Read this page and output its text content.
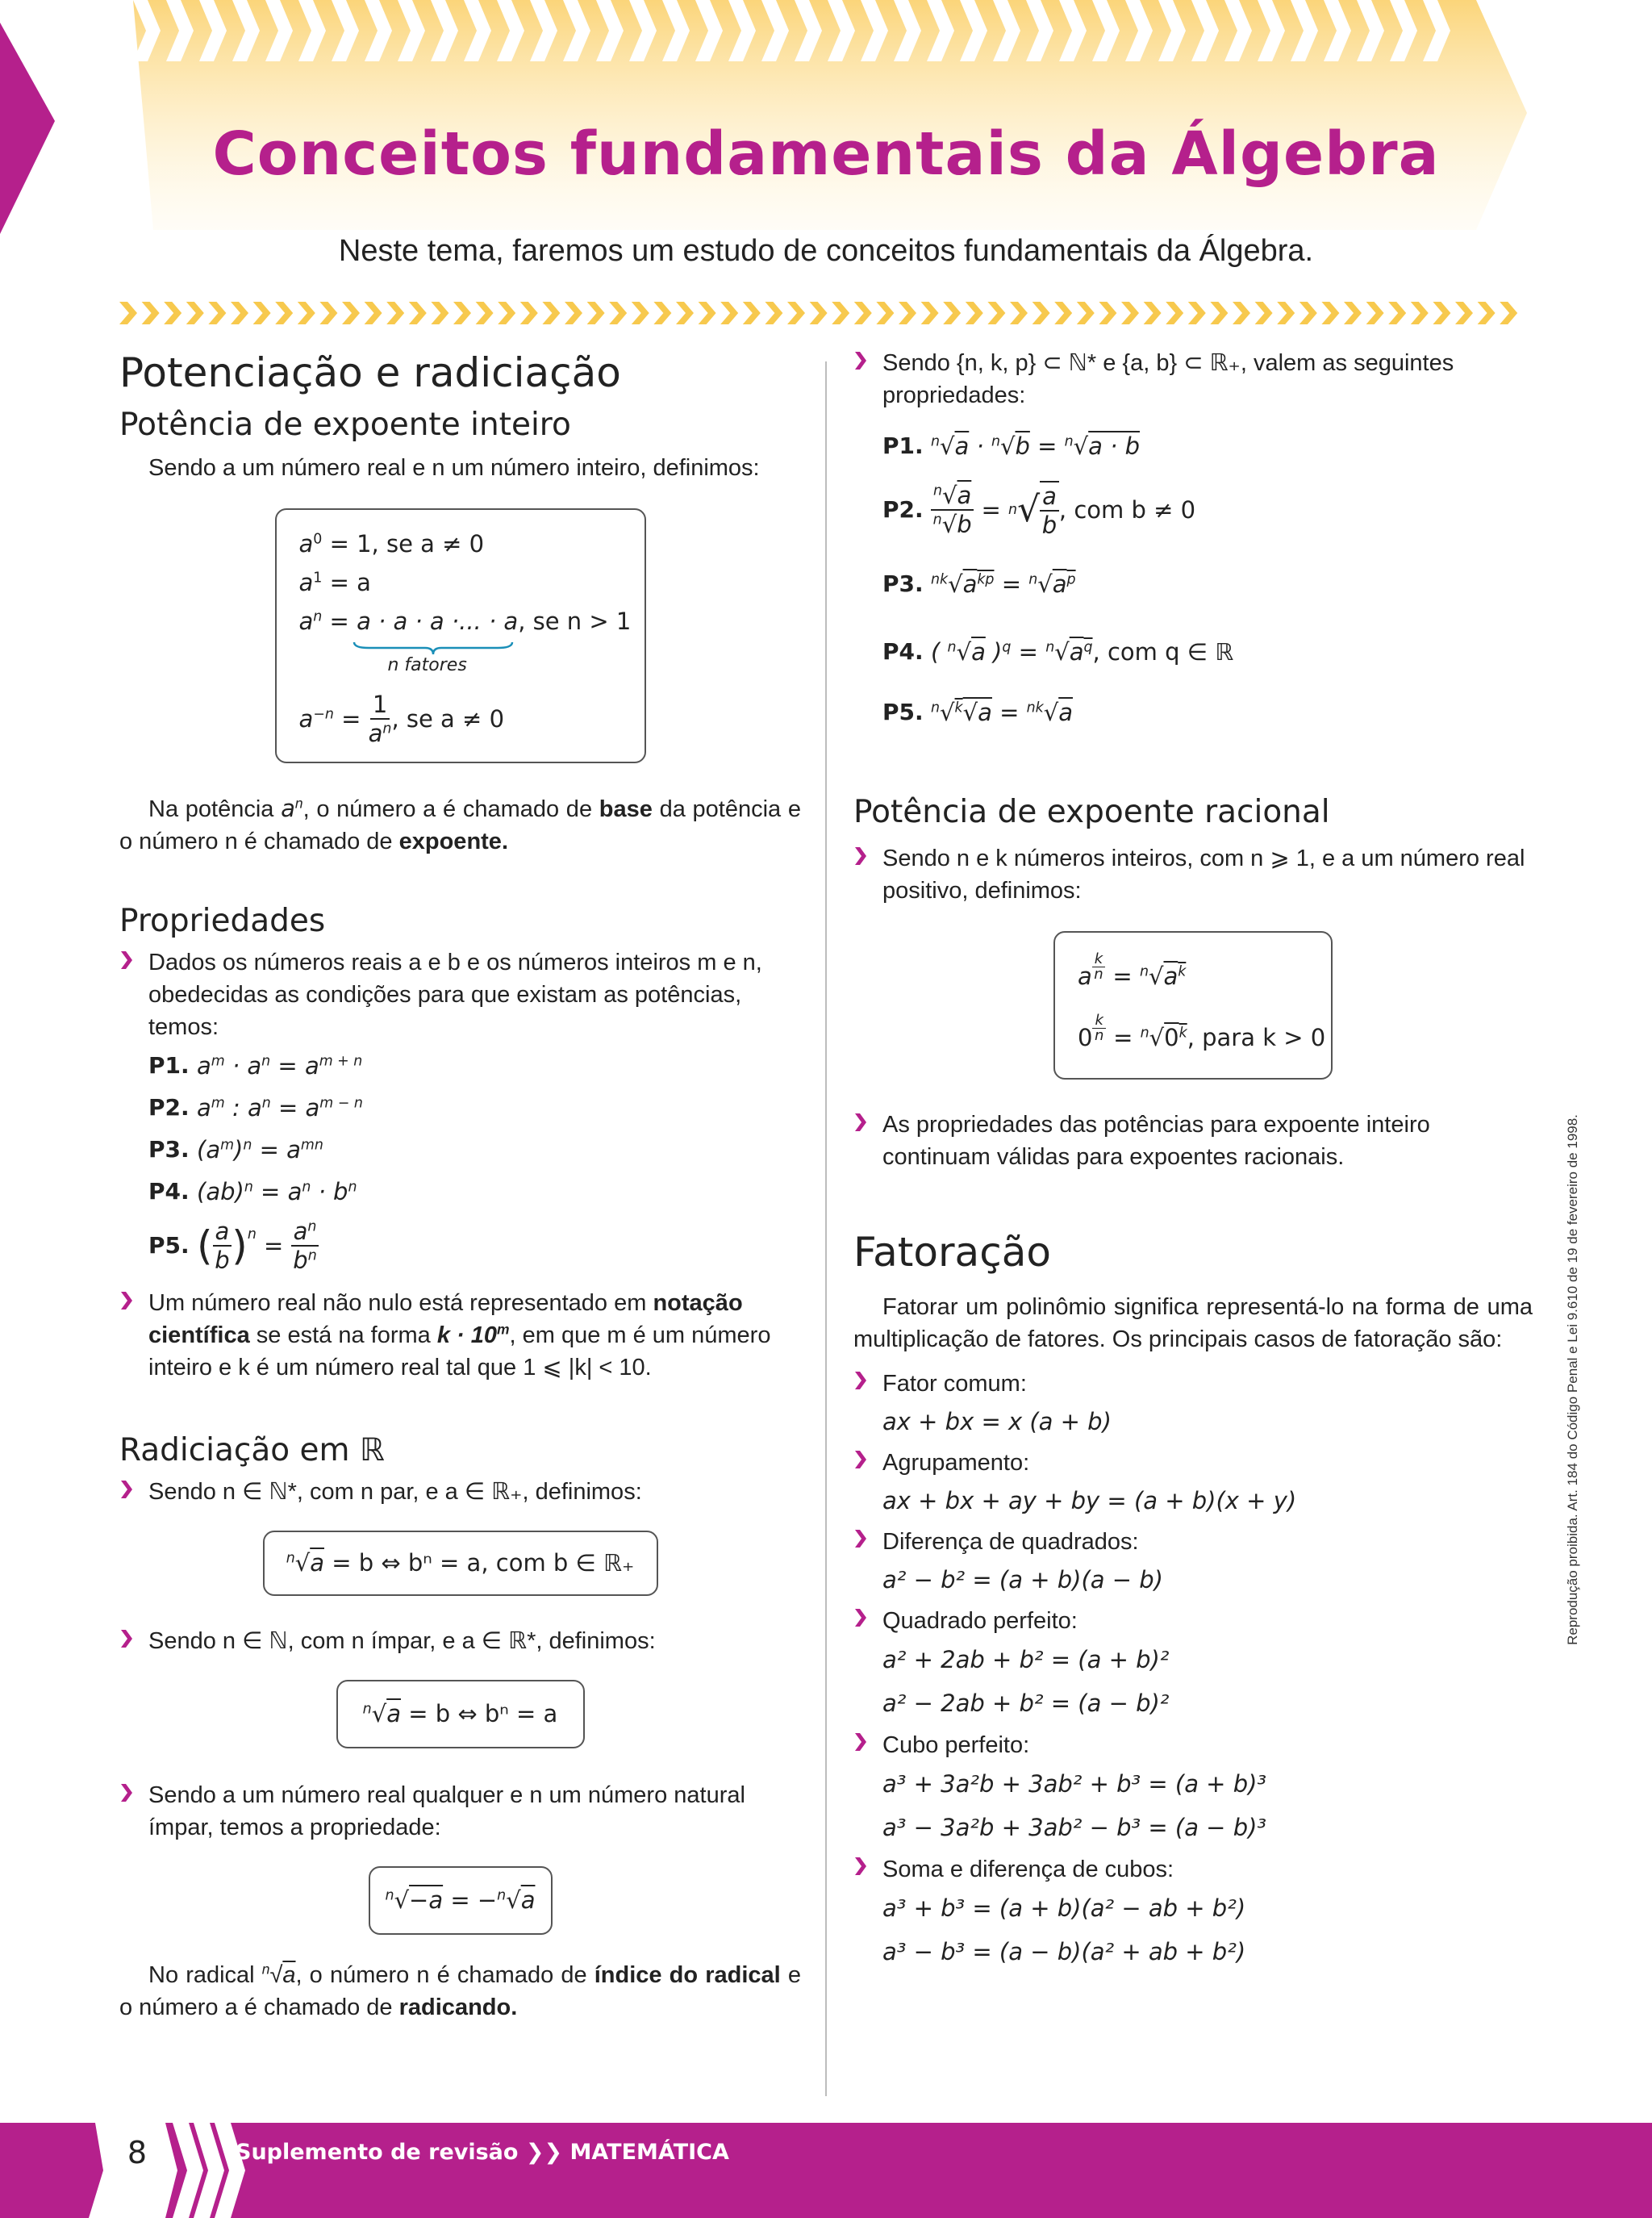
Conceitos fundamentais da Álgebra
Neste tema, faremos um estudo de conceitos fundamentais da Álgebra.
Potenciação e radiciação
Potência de expoente inteiro
Sendo a um número real e n um número inteiro, definimos:
$a^0 = 1$, se a ≠ 0
$a^1 = a$
$a^n = a \cdot a \cdot a$ ·... · a, se n > 1
n fatores
$a^{-n} = \frac{1}{a^n}$ , se a ≠ 0
Na potência $a^n$, o número a é chamado de base da potência e o número n é chamado de expoente.
Propriedades
Dados os números reais a e b e os números inteiros m e n, obedecidas as condições para que existam as potências, temos:
P1. $a^m \cdot a^n = a^{m + n}$
P2. $a^m$ : $a^n = a^{m - n}$
P3. $(a^m)^n = a^{mn}$
P4. $(ab)^n = a^n \cdot b^n$
P5. ( $\frac{a}{b} )^n = \frac{a^n}{b^n}$
Um número real não nulo está representado em notação científica se está na forma $k \cdot 10^m$, em que m é um número inteiro e k é um número real tal que 1 ⩽ |k| < 10.
Radiciação em ℝ
Sendo n ∈ ℕ*, com n par, e a ∈ ℝ₊, definimos:
$^n$√a = b ⇔ bⁿ = a, com b ∈ ℝ₊
Sendo n ∈ ℕ, com n ímpar, e a ∈ ℝ*, definimos:
$^n$√a = b ⇔ bⁿ = a
Sendo a um número real qualquer e n um número natural ímpar, temos a propriedade:
$^n$√−a = −$^n$√a
No radical $^n$√a, o número n é chamado de índice do radical e o número a é chamado de radicando.
Sendo {n, k, p} ⊂ ℕ* e {a, b} ⊂ ℝ₊, valem as seguintes propriedades:
P1. $^n$√a · $^n$√b = $^n$√a · b
P2. $\frac{^n√a}{^n√b} = n$ √ $\frac{a}{b}$ , com b ≠ 0
P3. $^{nk}√a^{kp} = ^n√a^p$
P4. ( $^n$√a )$^q = ^n√a^q$, com q ∈ ℝ
P5. $^n$√$^k$√a = $^{nk}$√a
Potência de expoente racional
Sendo n e k números inteiros, com n ⩾ 1, e a um número real positivo, definimos:
a $^{\frac{k}{n}} = ^n√a^k$
0 $^{\frac{k}{n}} = ^n√0^k$, para k > 0
As propriedades das potências para expoente inteiro continuam válidas para expoentes racionais.
Fatoração
Fatorar um polinômio significa representá-lo na forma de uma multiplicação de fatores. Os principais casos de fatoração são:
Fator comum:
ax + bx = x (a + b)
Agrupamento:
ax + bx + ay + by = (a + b)(x + y)
Diferença de quadrados:
a² − b² = (a + b)(a − b)
Quadrado perfeito:
a² + 2ab + b² = (a + b)²
a² − 2ab + b² = (a − b)²
Cubo perfeito:
a³ + 3a²b + 3ab² + b³ = (a + b)³
a³ − 3a²b + 3ab² − b³ = (a − b)³
Soma e diferença de cubos:
a³ + b³ = (a + b)(a² − ab + b²)
a³ − b³ = (a − b)(a² + ab + b²)
Reprodução proibida. Art. 184 do Código Penal e Lei 9.610 de 19 de fevereiro de 1998.
8	Suplemento de revisão ❯❯ MATEMÁTICA
